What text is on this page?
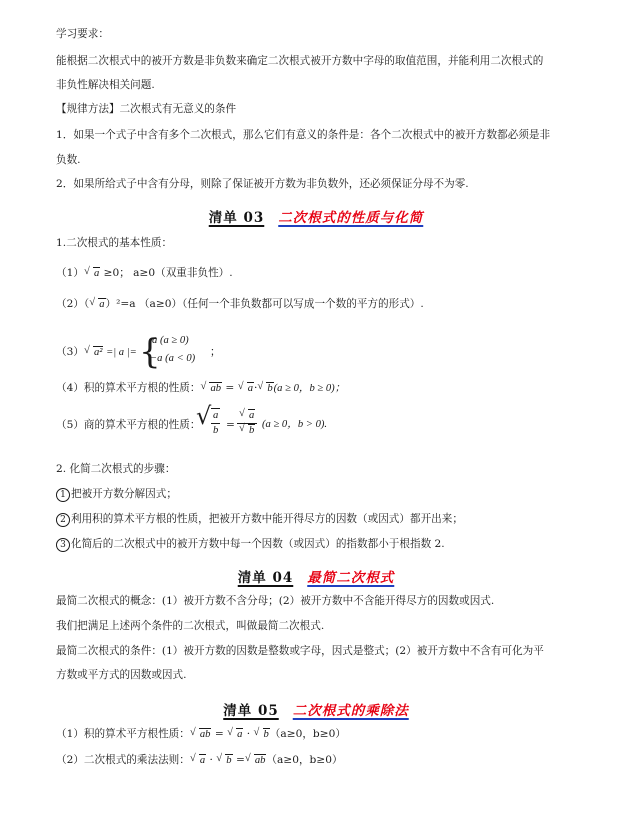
学习要求：
能根据二次根式中的被开方数是非负数来确定二次根式被开方数中字母的取值范围，并能利用二次根式的
非负性解决相关问题.
【规律方法】二次根式有无意义的条件
1．如果一个式子中含有多个二次根式，那么它们有意义的条件是：各个二次根式中的被开方数都必须是非
负数.
2．如果所给式子中含有分母，则除了保证被开方数为非负数外，还必须保证分母不为零.
清单 03 二次根式的性质与化简
1.二次根式的基本性质：
（1） √ a ≥0； a≥0（双重非负性）.
（2）（ √ a）²=a （a≥0）（任何一个非负数都可以写成一个数的平方的形式）.
（3） √ a² =| a |= {
a (a ≥ 0)
−a (a < 0)
；
（4）积的算术平方根的性质： √ ab = √ a· √ b(a ≥ 0，b ≥ 0)；
（5）商的算术平方根的性质：
√ $\frac{a}{b}$ = √ a
√ b (a ≥ 0，b > 0).
2. 化简二次根式的步骤：
1 把被开方数分解因式；
2 利用积的算术平方根的性质，把被开方数中能开得尽方的因数（或因式）都开出来；
3 化简后的二次根式中的被开方数中每一个因数（或因式）的指数都小于根指数 2.
清单 04 最简二次根式
最简二次根式的概念：(1）被开方数不含分母；(2）被开方数中不含能开得尽方的因数或因式.
我们把满足上述两个条件的二次根式，叫做最简二次根式.
最简二次根式的条件：(1）被开方数的因数是整数或字母，因式是整式；(2）被开方数中不含有可化为平
方数或平方式的因数或因式.
清单 05 二次根式的乘除法
（1）积的算术平方根性质： √ ab = √ a · √ b（a≥0，b≥0）
（2）二次根式的乘法法则： √ a · √ b = √ ab（a≥0，b≥0）
